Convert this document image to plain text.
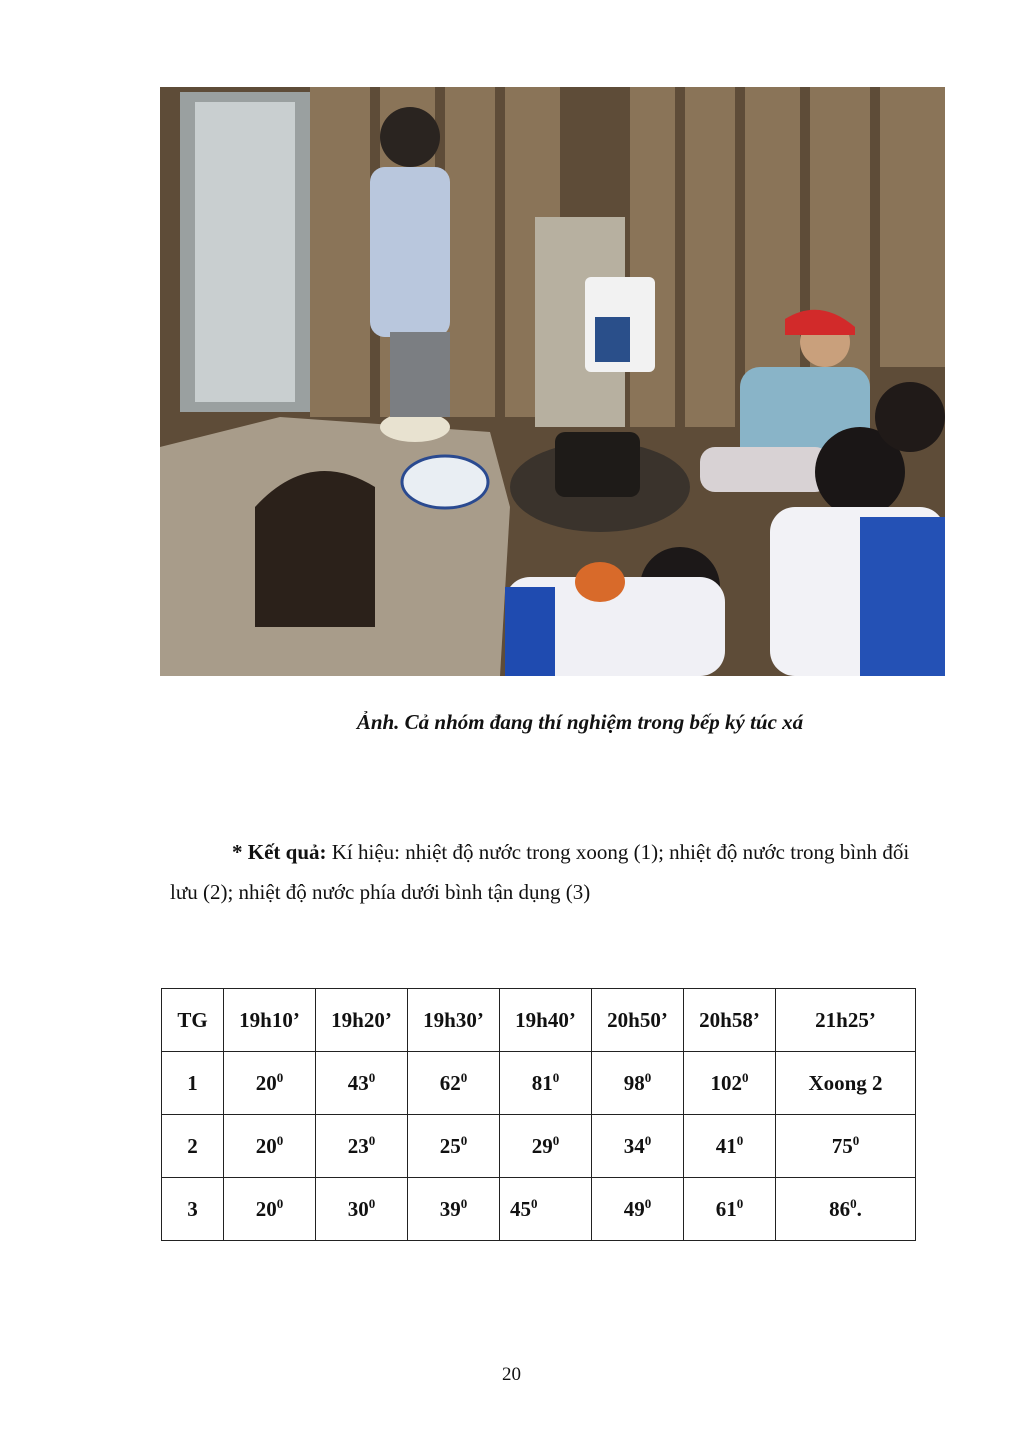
Ảnh. Cả nhóm đang thí nghiệm trong bếp ký túc xá
* Kết quả: Kí hiệu: nhiệt độ nước trong xoong (1); nhiệt độ nước trong bình đối lưu (2); nhiệt độ nước phía dưới bình tận dụng (3)
TG	19h10’	19h20’	19h30’	19h40’	20h50’	20h58’	21h25’
1	$20^0$	$43^0$	$62^0$	$81^0$	$98^0$	$102^0$	Xoong 2
2	$20^0$	$23^0$	$25^0$	$29^0$	$34^0$	$41^0$	$75^0$
3	$20^0$	$30^0$	$39^0$	$45^0$	$49^0$	$61^0$	$86^0$.
20
